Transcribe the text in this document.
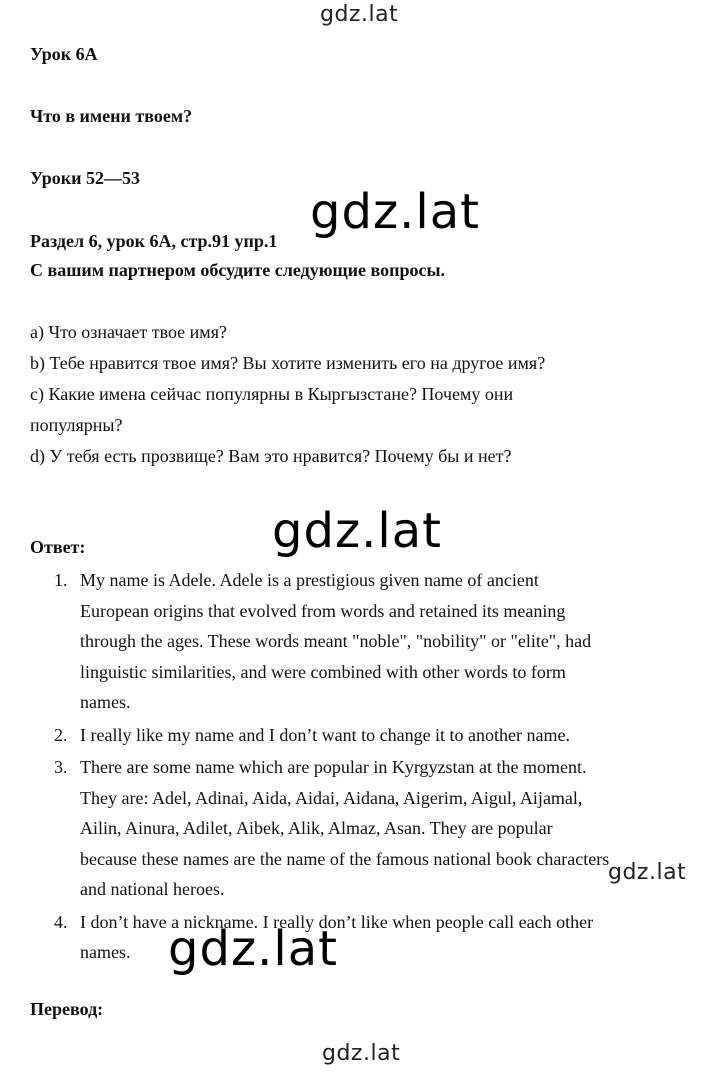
gdz.lat
gdz.lat
gdz.lat
gdz.lat
gdz.lat
gdz.lat
Урок 6A
Что в имени твоем?
Уроки 52—53
Раздел 6, урок 6A, стр.91 упр.1
С вашим партнером обсудите следующие вопросы.
а) Что означает твое имя?
b) Тебе нравится твое имя? Вы хотите изменить его на другое имя?
с) Какие имена сейчас популярны в Кыргызстане? Почему они
популярны?
d) У тебя есть прозвище? Вам это нравится? Почему бы и нет?
Ответ:
1. My name is Adele. Adele is a prestigious given name of ancient
European origins that evolved from words and retained its meaning
through the ages. These words meant "noble", "nobility" or "elite", had
linguistic similarities, and were combined with other words to form
names.
2. I really like my name and I don’t want to change it to another name.
3. There are some name which are popular in Kyrgyzstan at the moment.
They are: Adel, Adinai, Aida, Aidai, Aidana, Aigerim, Aigul, Aijamal,
Ailin, Ainura, Adilet, Aibek, Alik, Almaz, Asan. They are popular
because these names are the name of the famous national book characters
and national heroes.
4. I don’t have a nickname. I really don’t like when people call each other
names.
Перевод:
